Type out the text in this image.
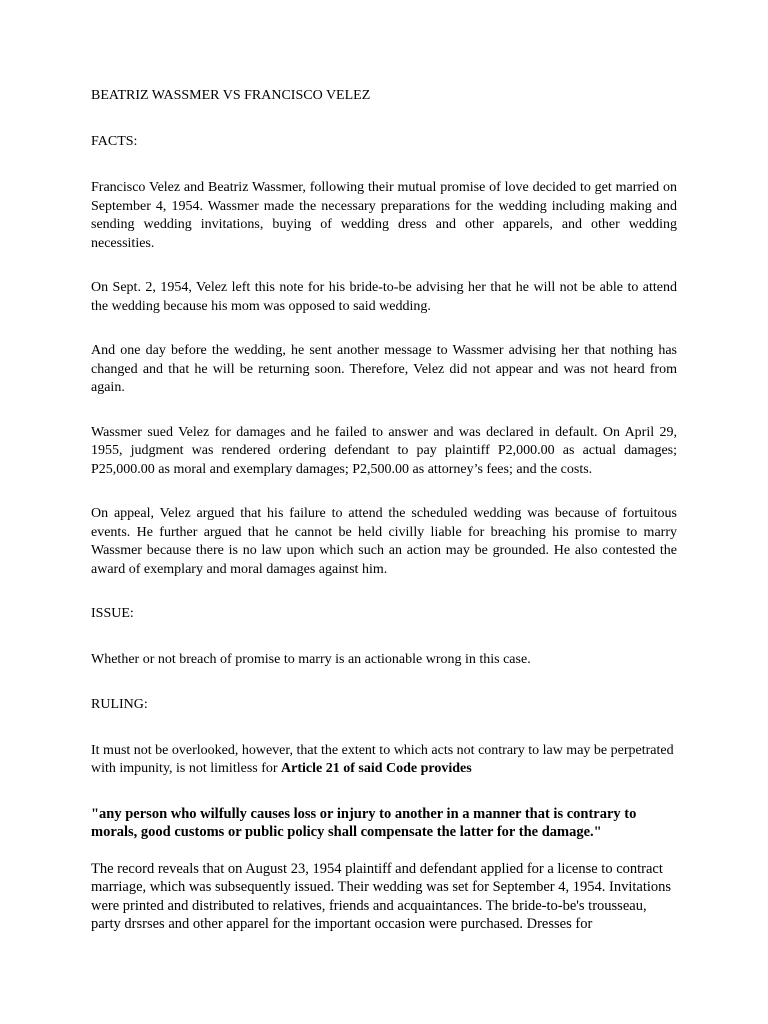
BEATRIZ WASSMER VS FRANCISCO VELEZ
FACTS:

Francisco Velez and Beatriz Wassmer, following their mutual promise of love decided to get married on September 4, 1954. Wassmer made the necessary preparations for the wedding including making and sending wedding invitations, buying of wedding dress and other apparels, and other wedding necessities.

On Sept. 2, 1954, Velez left this note for his bride-to-be advising her that he will not be able to attend the wedding because his mom was opposed to said wedding.

And one day before the wedding, he sent another message to Wassmer advising her that nothing has changed and that he will be returning soon. Therefore, Velez did not appear and was not heard from again.

Wassmer sued Velez for damages and he failed to answer and was declared in default. On April 29, 1955, judgment was rendered ordering defendant to pay plaintiff P2,000.00 as actual damages; P25,000.00 as moral and exemplary damages; P2,500.00 as attorney’s fees; and the costs.

On appeal, Velez argued that his failure to attend the scheduled wedding was because of fortuitous events. He further argued that he cannot be held civilly liable for breaching his promise to marry Wassmer because there is no law upon which such an action may be grounded. He also contested the award of exemplary and moral damages against him.

ISSUE:

Whether or not breach of promise to marry is an actionable wrong in this case.

RULING:

It must not be overlooked, however, that the extent to which acts not contrary to law may be perpetrated with impunity, is not limitless for Article 21 of said Code provides

"any person who wilfully causes loss or injury to another in a manner that is contrary to morals, good customs or public policy shall compensate the latter for the damage."

The record reveals that on August 23, 1954 plaintiff and defendant applied for a license to contract marriage, which was subsequently issued. Their wedding was set for September 4, 1954. Invitations were printed and distributed to relatives, friends and acquaintances. The bride-to-be's trousseau, party drsrses and other apparel for the important occasion were purchased. Dresses for
